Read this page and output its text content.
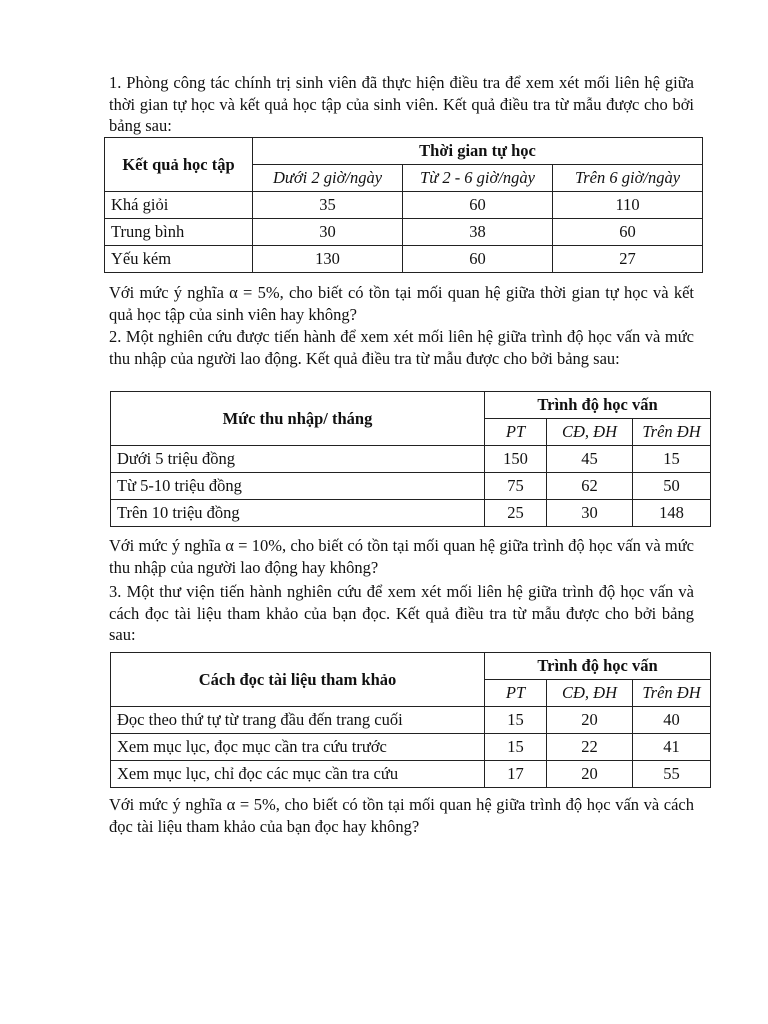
1. Phòng công tác chính trị sinh viên đã thực hiện điều tra để xem xét mối liên hệ giữa thời gian tự học và kết quả học tập của sinh viên. Kết quả điều tra từ mẫu được cho bởi bảng sau:

Kết quả học tập	Thời gian tự học		
	Dưới 2 giờ/ngày	Từ 2 - 6 giờ/ngày	Trên 6 giờ/ngày
Khá giỏi	35	60	110
Trung bình	30	38	60
Yếu kém	130	60	27

Với mức ý nghĩa α = 5%, cho biết có tồn tại mối quan hệ giữa thời gian tự học và kết quả học tập của sinh viên hay không?

2. Một nghiên cứu được tiến hành để xem xét mối liên hệ giữa trình độ học vấn và mức thu nhập của người lao động. Kết quả điều tra từ mẫu được cho bởi bảng sau:

Mức thu nhập/ tháng	Trình độ học vấn		
	PT	CĐ, ĐH	Trên ĐH
Dưới 5 triệu đồng	150	45	15
Từ 5-10 triệu đồng	75	62	50
Trên 10 triệu đồng	25	30	148

Với mức ý nghĩa α = 10%, cho biết có tồn tại mối quan hệ giữa trình độ học vấn và mức thu nhập của người lao động hay không?

3. Một thư viện tiến hành nghiên cứu để xem xét mối liên hệ giữa trình độ học vấn và cách đọc tài liệu tham khảo của bạn đọc. Kết quả điều tra từ mẫu được cho bởi bảng sau:

Cách đọc tài liệu tham khảo	Trình độ học vấn		
	PT	CĐ, ĐH	Trên ĐH
Đọc theo thứ tự từ trang đầu đến trang cuối	15	20	40
Xem mục lục, đọc mục cần tra cứu trước	15	22	41
Xem mục lục, chỉ đọc các mục cần tra cứu	17	20	55

Với mức ý nghĩa α = 5%, cho biết có tồn tại mối quan hệ giữa trình độ học vấn và cách đọc tài liệu tham khảo của bạn đọc hay không?
